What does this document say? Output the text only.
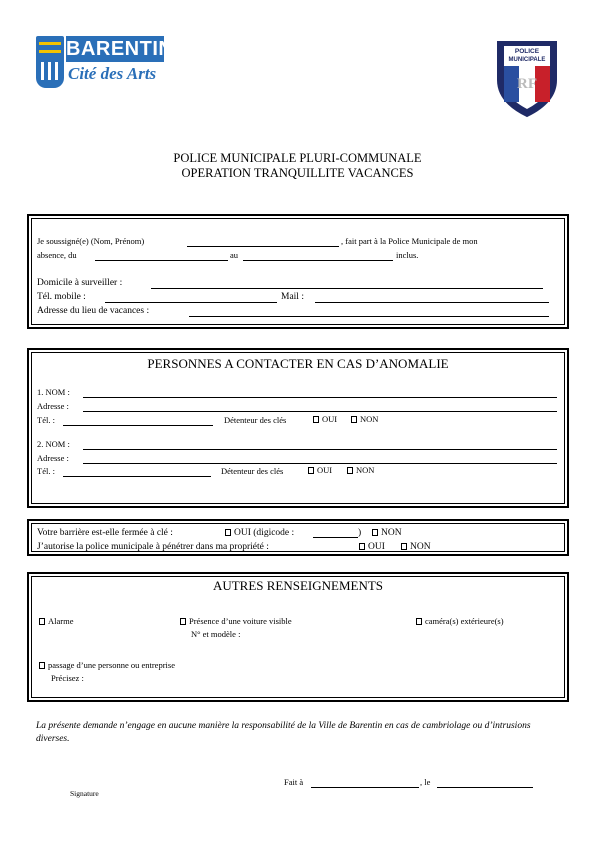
BARENTIN
Cité des Arts
POLICE
MUNICIPALE
RF
POLICE MUNICIPALE PLURI-COMMUNALE
OPERATION TRANQUILLITE VACANCES
Je soussigné(e) (Nom, Prénom)	, fait part à la Police Municipale de mon
absence, du	au	inclus.
Domicile à surveiller :
Tél. mobile :	Mail :
Adresse du lieu de vacances :
PERSONNES A CONTACTER EN CAS D’ANOMALIE
1. NOM :
Adresse :
Tél. :	Détenteur des clés	OUI	NON
2. NOM :
Adresse :
Tél. :	Détenteur des clés	OUI	NON
Votre barrière est-elle fermée à clé :	OUI (digicode :	)	NON
J’autorise la police municipale à pénétrer dans ma propriété :	OUI	NON
AUTRES RENSEIGNEMENTS
Alarme	Présence d’une voiture visible
N° et modèle :
caméra(s) extérieure(s)
passage d’une personne ou entreprise
Précisez :
La présente demande n’engage en aucune manière la responsabilité de la Ville de Barentin en cas de cambriolage ou d’intrusions diverses.
Fait à	, le
Signature
